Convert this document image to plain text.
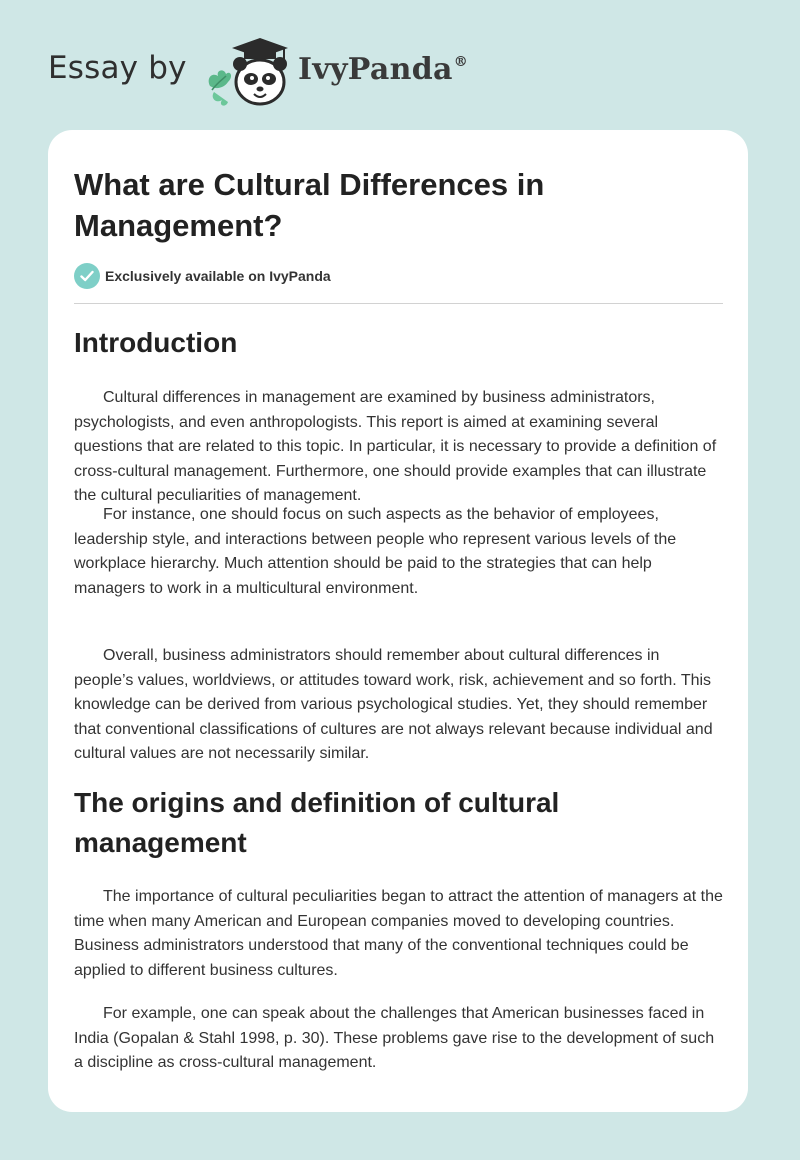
Essay by	IvyPanda®
What are Cultural Differences in Management?
Exclusively available on IvyPanda
Introduction

Cultural differences in management are examined by business administrators, psychologists, and even anthropologists. This report is aimed at examining several questions that are related to this topic. In particular, it is necessary to provide a definition of cross-cultural management. Furthermore, one should provide examples that can illustrate the cultural peculiarities of management.

For instance, one should focus on such aspects as the behavior of employees, leadership style, and interactions between people who represent various levels of the workplace hierarchy. Much attention should be paid to the strategies that can help managers to work in a multicultural environment.

Overall, business administrators should remember about cultural differences in people’s values, worldviews, or attitudes toward work, risk, achievement and so forth. This knowledge can be derived from various psychological studies. Yet, they should remember that conventional classifications of cultures are not always relevant because individual and cultural values are not necessarily similar.

The origins and definition of cultural management

The importance of cultural peculiarities began to attract the attention of managers at the time when many American and European companies moved to developing countries. Business administrators understood that many of the conventional techniques could be applied to different business cultures.

For example, one can speak about the challenges that American businesses faced in India (Gopalan & Stahl 1998, p. 30). These problems gave rise to the development of such a discipline as cross-cultural management.
